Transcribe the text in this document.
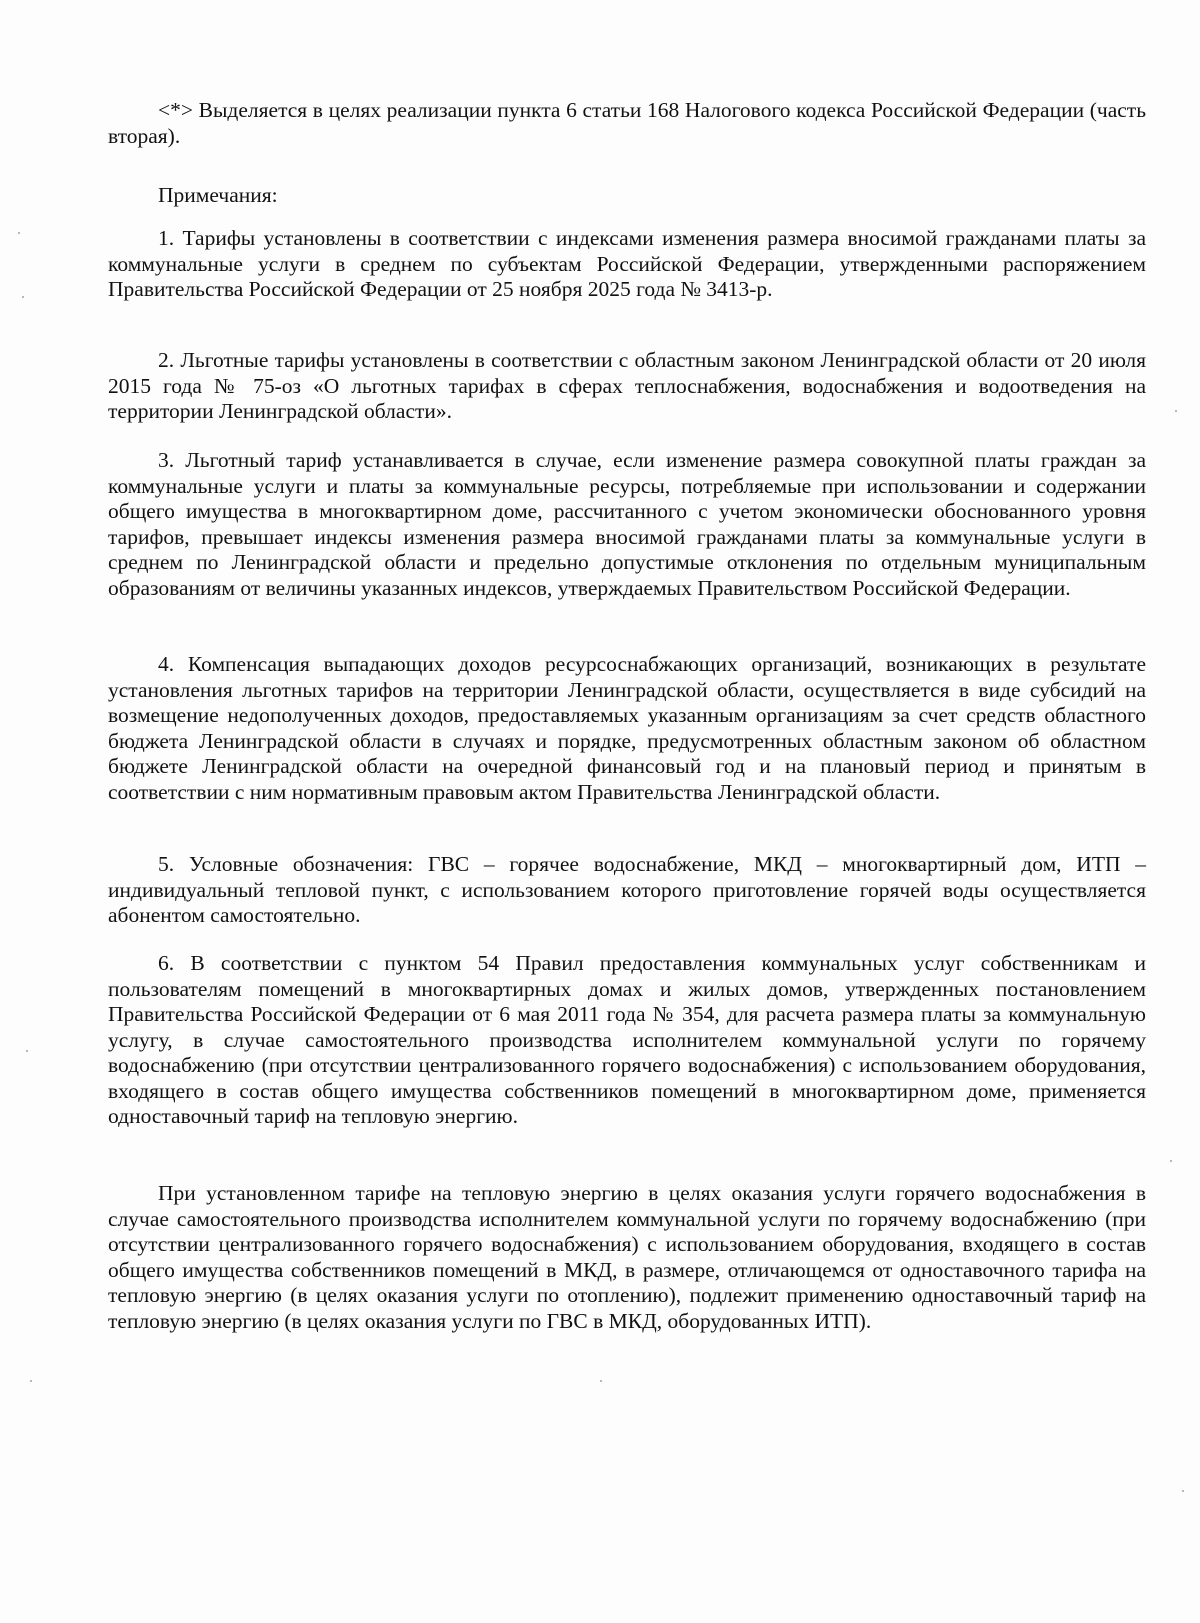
<*> Выделяется в целях реализации пункта 6 статьи 168 Налогового кодекса Российской Федерации (часть вторая).

Примечания:

1. Тарифы установлены в соответствии с индексами изменения размера вносимой гражданами платы за коммунальные услуги в среднем по субъектам Российской Федерации, утвержденными распоряжением Правительства Российской Федерации от 25 ноября 2025 года № 3413-р.

2. Льготные тарифы установлены в соответствии с областным законом Ленинградской области от 20 июля 2015 года № 75-оз «О льготных тарифах в сферах теплоснабжения, водоснабжения и водоотведения на территории Ленинградской области».

3. Льготный тариф устанавливается в случае, если изменение размера совокупной платы граждан за коммунальные услуги и платы за коммунальные ресурсы, потребляемые при использовании и содержании общего имущества в многоквартирном доме, рассчитанного с учетом экономически обоснованного уровня тарифов, превышает индексы изменения размера вносимой гражданами платы за коммунальные услуги в среднем по Ленинградской области и предельно допустимые отклонения по отдельным муниципальным образованиям от величины указанных индексов, утверждаемых Правительством Российской Федерации.

4. Компенсация выпадающих доходов ресурсоснабжающих организаций, возникающих в результате установления льготных тарифов на территории Ленинградской области, осуществляется в виде субсидий на возмещение недополученных доходов, предоставляемых указанным организациям за счет средств областного бюджета Ленинградской области в случаях и порядке, предусмотренных областным законом об областном бюджете Ленинградской области на очередной финансовый год и на плановый период и принятым в соответствии с ним нормативным правовым актом Правительства Ленинградской области.

5. Условные обозначения: ГВС – горячее водоснабжение, МКД – многоквартирный дом, ИТП – индивидуальный тепловой пункт, с использованием которого приготовление горячей воды осуществляется абонентом самостоятельно.

6. В соответствии с пунктом 54 Правил предоставления коммунальных услуг собственникам и пользователям помещений в многоквартирных домах и жилых домов, утвержденных постановлением Правительства Российской Федерации от 6 мая 2011 года № 354, для расчета размера платы за коммунальную услугу, в случае самостоятельного производства исполнителем коммунальной услуги по горячему водоснабжению (при отсутствии централизованного горячего водоснабжения) с использованием оборудования, входящего в состав общего имущества собственников помещений в многоквартирном доме, применяется одноставочный тариф на тепловую энергию.

При установленном тарифе на тепловую энергию в целях оказания услуги горячего водоснабжения в случае самостоятельного производства исполнителем коммунальной услуги по горячему водоснабжению (при отсутствии централизованного горячего водоснабжения) с использованием оборудования, входящего в состав общего имущества собственников помещений в МКД, в размере, отличающемся от одноставочного тарифа на тепловую энергию (в целях оказания услуги по отоплению), подлежит применению одноставочный тариф на тепловую энергию (в целях оказания услуги по ГВС в МКД, оборудованных ИТП).
